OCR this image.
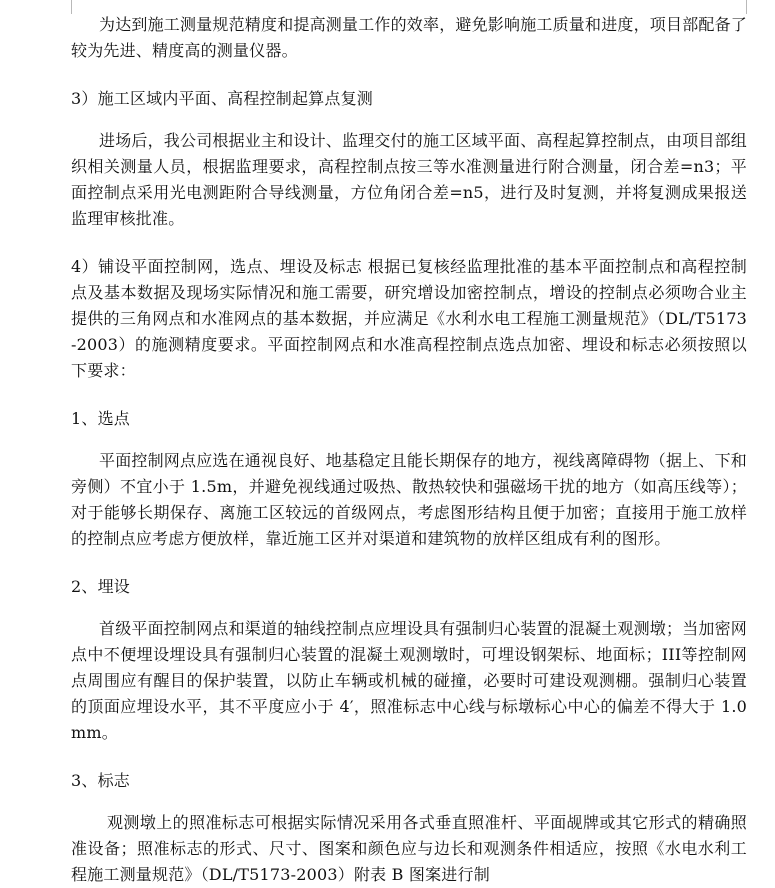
为达到施工测量规范精度和提高测量工作的效率，避免影响施工质量和进度，项目部配备了较为先进、精度高的测量仪器。

3）施工区域内平面、高程控制起算点复测

进场后，我公司根据业主和设计、监理交付的施工区域平面、高程起算控制点，由项目部组织相关测量人员，根据监理要求，高程控制点按三等水准测量进行附合测量，闭合差=n3；平面控制点采用光电测距附合导线测量，方位角闭合差=n5，进行及时复测，并将复测成果报送监理审核批准。

4）铺设平面控制网，选点、埋设及标志 根据已复核经监理批准的基本平面控制点和高程控制点及基本数据及现场实际情况和施工需要，研究增设加密控制点，增设的控制点必须吻合业主提供的三角网点和水准网点的基本数据，并应满足《水利水电工程施工测量规范》（DL/T5173-2003）的施测精度要求。平面控制网点和水准高程控制点选点加密、埋设和标志必须按照以下要求：

1、选点

平面控制网点应选在通视良好、地基稳定且能长期保存的地方，视线离障碍物（据上、下和旁侧）不宜小于 1.5m，并避免视线通过吸热、散热较快和强磁场干扰的地方（如高压线等）；对于能够长期保存、离施工区较远的首级网点，考虑图形结构且便于加密；直接用于施工放样的控制点应考虑方便放样，靠近施工区并对渠道和建筑物的放样区组成有利的图形。

2、埋设

首级平面控制网点和渠道的轴线控制点应埋设具有强制归心装置的混凝土观测墩；当加密网点中不便埋设埋设具有强制归心装置的混凝土观测墩时，可埋设钢架标、地面标；III等控制网点周围应有醒目的保护装置，以防止车辆或机械的碰撞，必要时可建设观测棚。强制归心装置的顶面应埋设水平，其不平度应小于 4′，照准标志中心线与标墩标心中心的偏差不得大于 1.0mm。

3、标志

观测墩上的照准标志可根据实际情况采用各式垂直照准杆、平面觇牌或其它形式的精确照准设备；照准标志的形式、尺寸、图案和颜色应与边长和观测条件相适应，按照《水电水利工程施工测量规范》（DL/T5173-2003）附表 B 图案进行制
